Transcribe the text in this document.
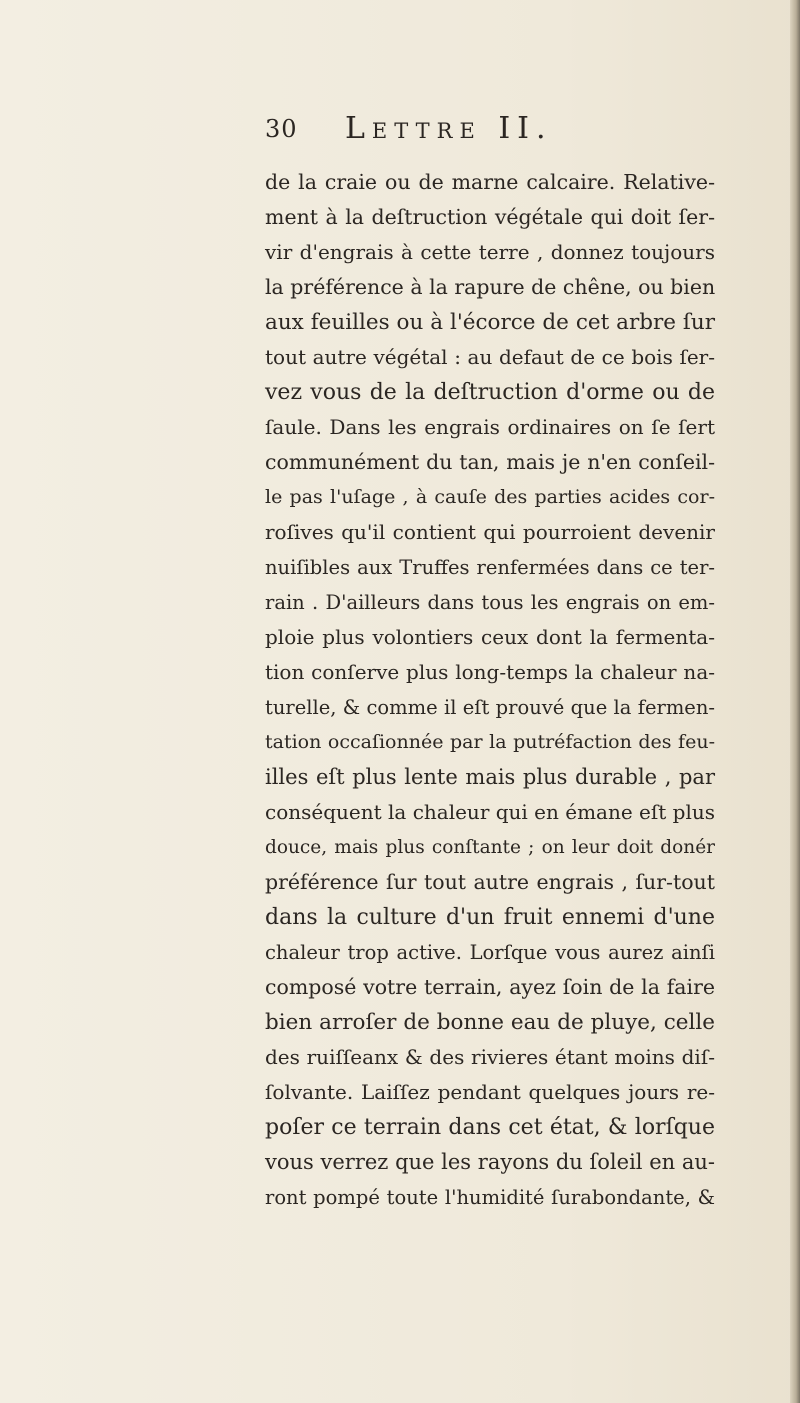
30 Lettre II.
de la craie ou de marne calcaire. Relative-
ment à la deſtruction végétale qui doit ſer-
vir d'engrais à cette terre , donnez toujours
la préférence à la rapure de chêne, ou bien
aux feuilles ou à l'écorce de cet arbre ſur
tout autre végétal : au defaut de ce bois ſer-
vez vous de la deſtruction d'orme ou de
ſaule. Dans les engrais ordinaires on ſe ſert
communément du tan, mais je n'en conſeil-
le pas l'uſage , à cauſe des parties acides cor-
roſives qu'il contient qui pourroient devenir
nuiſibles aux Truffes renfermées dans ce ter-
rain . D'ailleurs dans tous les engrais on em-
ploie plus volontiers ceux dont la fermenta-
tion conſerve plus long-temps la chaleur na-
turelle, & comme il eſt prouvé que la fermen-
tation occaſionnée par la putréfaction des feu-
illes eſt plus lente mais plus durable , par
conséquent la chaleur qui en émane eſt plus
douce, mais plus conſtante ; on leur doit donér
préférence ſur tout autre engrais , ſur-tout
dans la culture d'un fruit ennemi d'une
chaleur trop active. Lorſque vous aurez ainſi
composé votre terrain, ayez ſoin de la faire
bien arroſer de bonne eau de pluye, celle
des ruiſſeanx & des rivieres étant moins diſ-
ſolvante. Laiſſez pendant quelques jours re-
poſer ce terrain dans cet état, & lorſque
vous verrez que les rayons du ſoleil en au-
ront pompé toute l'humidité ſurabondante, &
